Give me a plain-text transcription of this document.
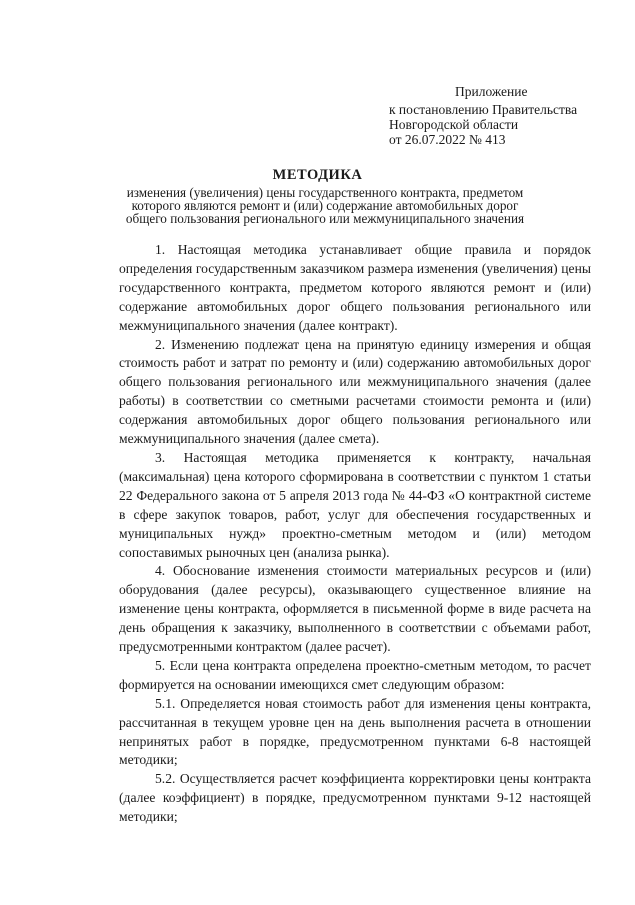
Приложение
к постановлению Правительства
Новгородской области
от 26.07.2022 № 413
МЕТОДИКА
изменения (увеличения) цены государственного контракта, предметом которого являются ремонт и (или) содержание автомобильных дорог общего пользования регионального или межмуниципального значения

1. Настоящая методика устанавливает общие правила и порядок определения государственным заказчиком размера изменения (увеличения) цены государственного контракта, предметом которого являются ремонт и (или) содержание автомобильных дорог общего пользования регионального или межмуниципального значения (далее контракт).

2. Изменению подлежат цена на принятую единицу измерения и общая стоимость работ и затрат по ремонту и (или) содержанию автомобильных дорог общего пользования регионального или межмуниципального значения (далее работы) в соответствии со сметными расчетами стоимости ремонта и (или) содержания автомобильных дорог общего пользования регионального или межмуниципального значения (далее смета).

3. Настоящая методика применяется к контракту, начальная (максимальная) цена которого сформирована в соответствии с пунктом 1 статьи 22 Федерального закона от 5 апреля 2013 года № 44-ФЗ «О контрактной системе в сфере закупок товаров, работ, услуг для обеспечения государственных и муниципальных нужд» проектно-сметным методом и (или) методом сопоставимых рыночных цен (анализа рынка).

4. Обоснование изменения стоимости материальных ресурсов и (или) оборудования (далее ресурсы), оказывающего существенное влияние на изменение цены контракта, оформляется в письменной форме в виде расчета на день обращения к заказчику, выполненного в соответствии с объемами работ, предусмотренными контрактом (далее расчет).

5. Если цена контракта определена проектно-сметным методом, то расчет формируется на основании имеющихся смет следующим образом:

5.1. Определяется новая стоимость работ для изменения цены контракта, рассчитанная в текущем уровне цен на день выполнения расчета в отношении непринятых работ в порядке, предусмотренном пунктами 6-8 настоящей методики;

5.2. Осуществляется расчет коэффициента корректировки цены контракта (далее коэффициент) в порядке, предусмотренном пунктами 9-12 настоящей методики;
